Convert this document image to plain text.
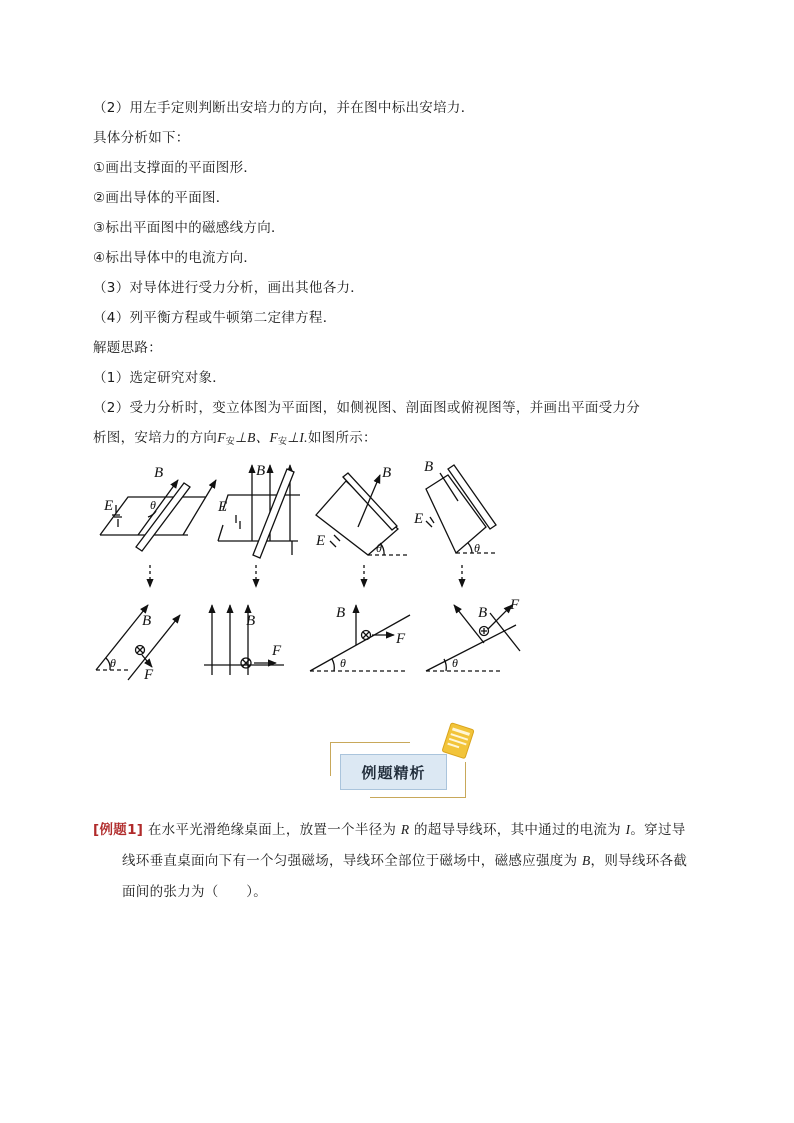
（2）用左手定则判断出安培力的方向，并在图中标出安培力．
具体分析如下：
①画出支撑面的平面图形．
②画出导体的平面图．
③标出平面图中的磁感线方向．
④标出导体中的电流方向．
（3）对导体进行受力分析，画出其他各力．
（4）列平衡方程或牛顿第二定律方程．
解题思路：
（1）选定研究对象．
（2）受力分析时，变立体图为平面图，如侧视图、剖面图或俯视图等，并画出平面受力分
析图，安培力的方向$F_安\perp B$、$F_安\perp I$.如图所示：
B
E	θ
B
E
B
E	θ
B
E
θ
B
θ
F
B
F
B
θ
F
B
θ
F
例题精析
[例题1] 在水平光滑绝缘桌面上，放置一个半径为 R 的超导导线环，其中通过的电流为 I。穿过导
线环垂直桌面向下有一个匀强磁场，导线环全部位于磁场中，磁感应强度为 B，则导线环各截
面间的张力为（　　）。
